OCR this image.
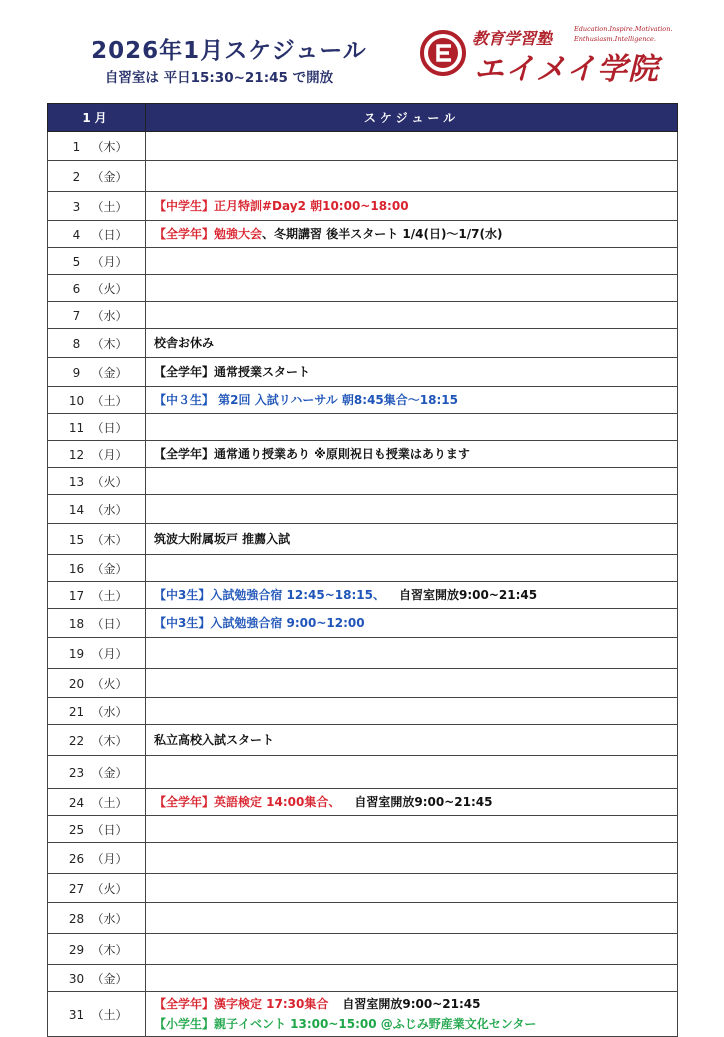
2026年1月スケジュール
自習室は 平日15:30~21:45 で開放
教育学習塾	Education.Inspire.Motivation.
Enthusiasm.Intelligence.
エイメイ学院
1月	スケジュール
1 （木）	
2 （金）	
3 （土）	【中学生】正月特訓#Day2 朝10:00~18:00

4 （日）	【全学年】勉強大会、冬期講習 後半スタート 1/4(日)〜1/7(水)

5 （月）	
6 （火）	
7 （水）	
8 （木）	校舎お休み

9 （金）	【全学年】通常授業スタート

10 （土）	【中３生】 第2回 入試リハーサル 朝8:45集合〜18:15

11 （日）	
12 （月）	【全学年】通常通り授業あり ※原則祝日も授業はあります

13 （火）	
14 （水）	
15 （木）	筑波大附属坂戸 推薦入試

16 （金）	
17 （土）	【中3生】入試勉強合宿 12:45~18:15、 自習室開放9:00~21:45

18 （日）	【中3生】入試勉強合宿 9:00~12:00

19 （月）	
20 （火）	
21 （水）	
22 （木）	私立高校入試スタート

23 （金）	
24 （土）	【全学年】英語検定 14:00集合、 自習室開放9:00~21:45

25 （日）	
26 （月）	
27 （火）	
28 （水）	
29 （木）	
30 （金）	
31 （土）	【全学年】漢字検定 17:30集合 自習室開放9:00~21:45
【小学生】親子イベント 13:00~15:00 @ふじみ野産業文化センター
